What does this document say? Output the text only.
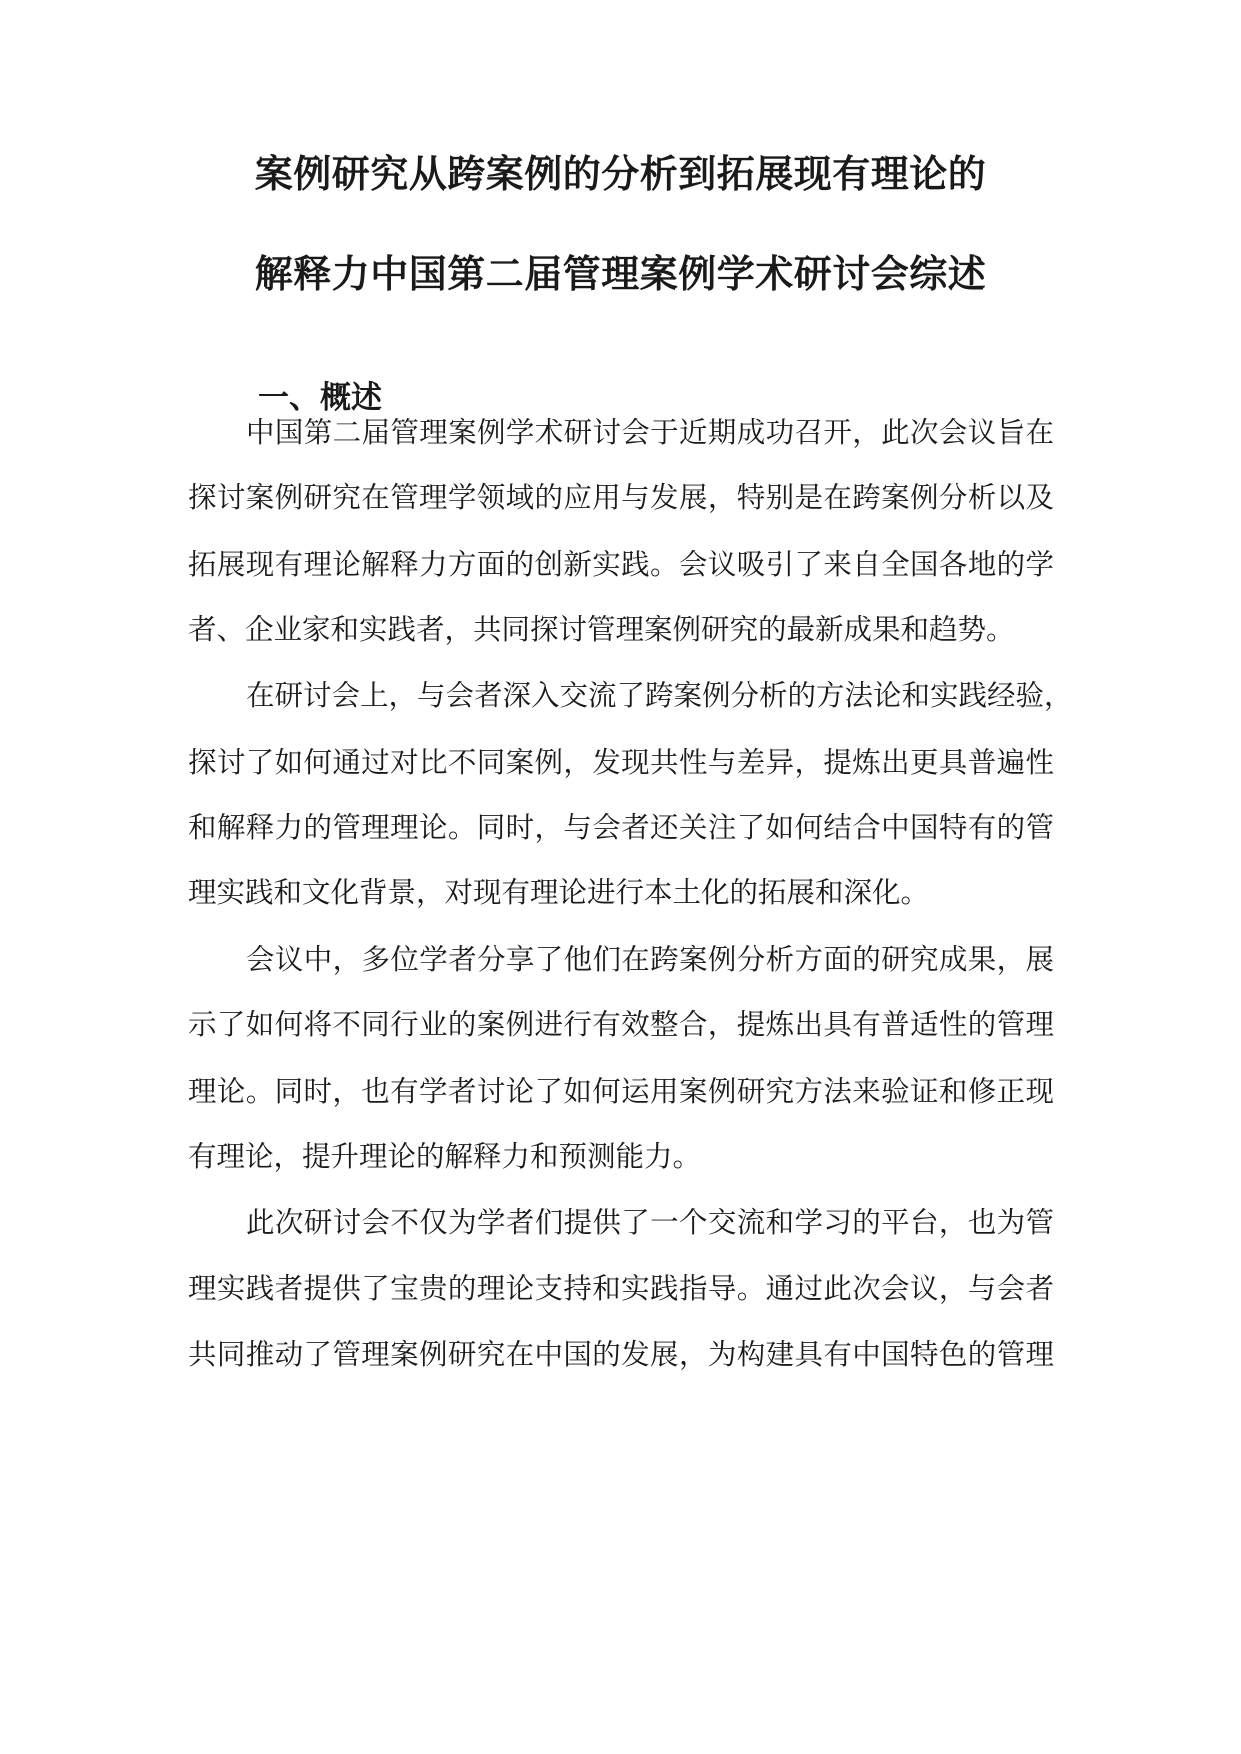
案例研究从跨案例的分析到拓展现有理论的
解释力中国第二届管理案例学术研讨会综述
一、概述
中国第二届管理案例学术研讨会于近期成功召开，此次会议旨在
探讨案例研究在管理学领域的应用与发展，特别是在跨案例分析以及
拓展现有理论解释力方面的创新实践。会议吸引了来自全国各地的学
者、企业家和实践者，共同探讨管理案例研究的最新成果和趋势。
在研讨会上，与会者深入交流了跨案例分析的方法论和实践经验，
探讨了如何通过对比不同案例，发现共性与差异，提炼出更具普遍性
和解释力的管理理论。同时，与会者还关注了如何结合中国特有的管
理实践和文化背景，对现有理论进行本土化的拓展和深化。
会议中，多位学者分享了他们在跨案例分析方面的研究成果，展
示了如何将不同行业的案例进行有效整合，提炼出具有普适性的管理
理论。同时，也有学者讨论了如何运用案例研究方法来验证和修正现
有理论，提升理论的解释力和预测能力。
此次研讨会不仅为学者们提供了一个交流和学习的平台，也为管
理实践者提供了宝贵的理论支持和实践指导。通过此次会议，与会者
共同推动了管理案例研究在中国的发展，为构建具有中国特色的管理
